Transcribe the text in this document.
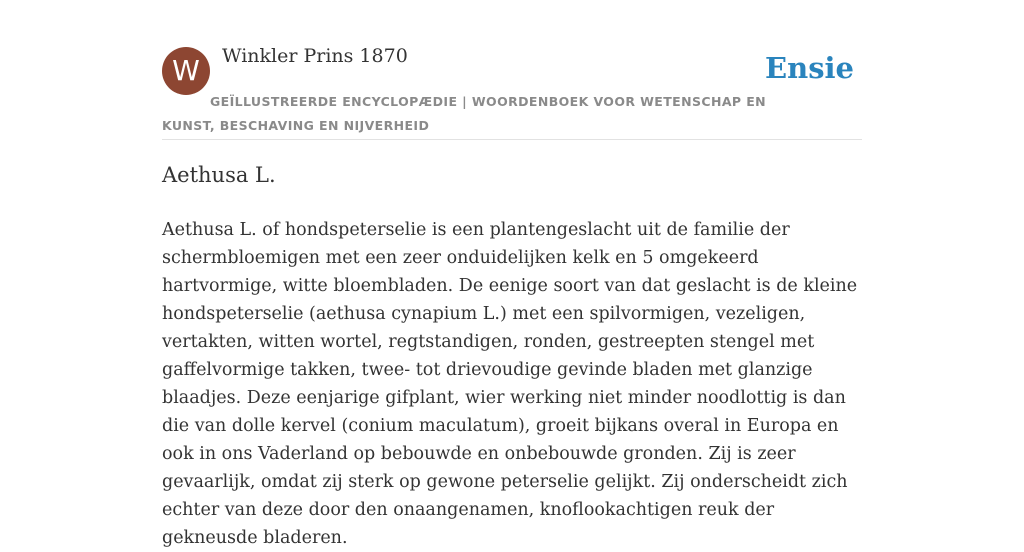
W	Winkler Prins 1870	Ensie
GEÏLLUSTREERDE ENCYCLOPÆDIE | WOORDENBOEK VOOR WETENSCHAP EN KUNST, BESCHAVING EN NIJVERHEID
Aethusa L.

Aethusa L. of hondspeterselie is een plantengeslacht uit de familie der schermbloemigen met een zeer onduidelijken kelk en 5 omgekeerd hartvormige, witte bloembladen. De eenige soort van dat geslacht is de kleine hondspeterselie (aethusa cynapium L.) met een spilvormigen, vezeligen, vertakten, witten wortel, regtstandigen, ronden, gestreepten stengel met gaffelvormige takken, twee- tot drievoudige gevinde bladen met glanzige blaadjes. Deze eenjarige gifplant, wier werking niet minder noodlottig is dan die van dolle kervel (conium maculatum), groeit bijkans overal in Europa en ook in ons Vaderland op bebouwde en onbebouwde gronden. Zij is zeer gevaarlijk, omdat zij sterk op gewone peterselie gelijkt. Zij onderscheidt zich echter van deze door den onaangenamen, knoflookachtigen reuk der gekneusde bladeren.
